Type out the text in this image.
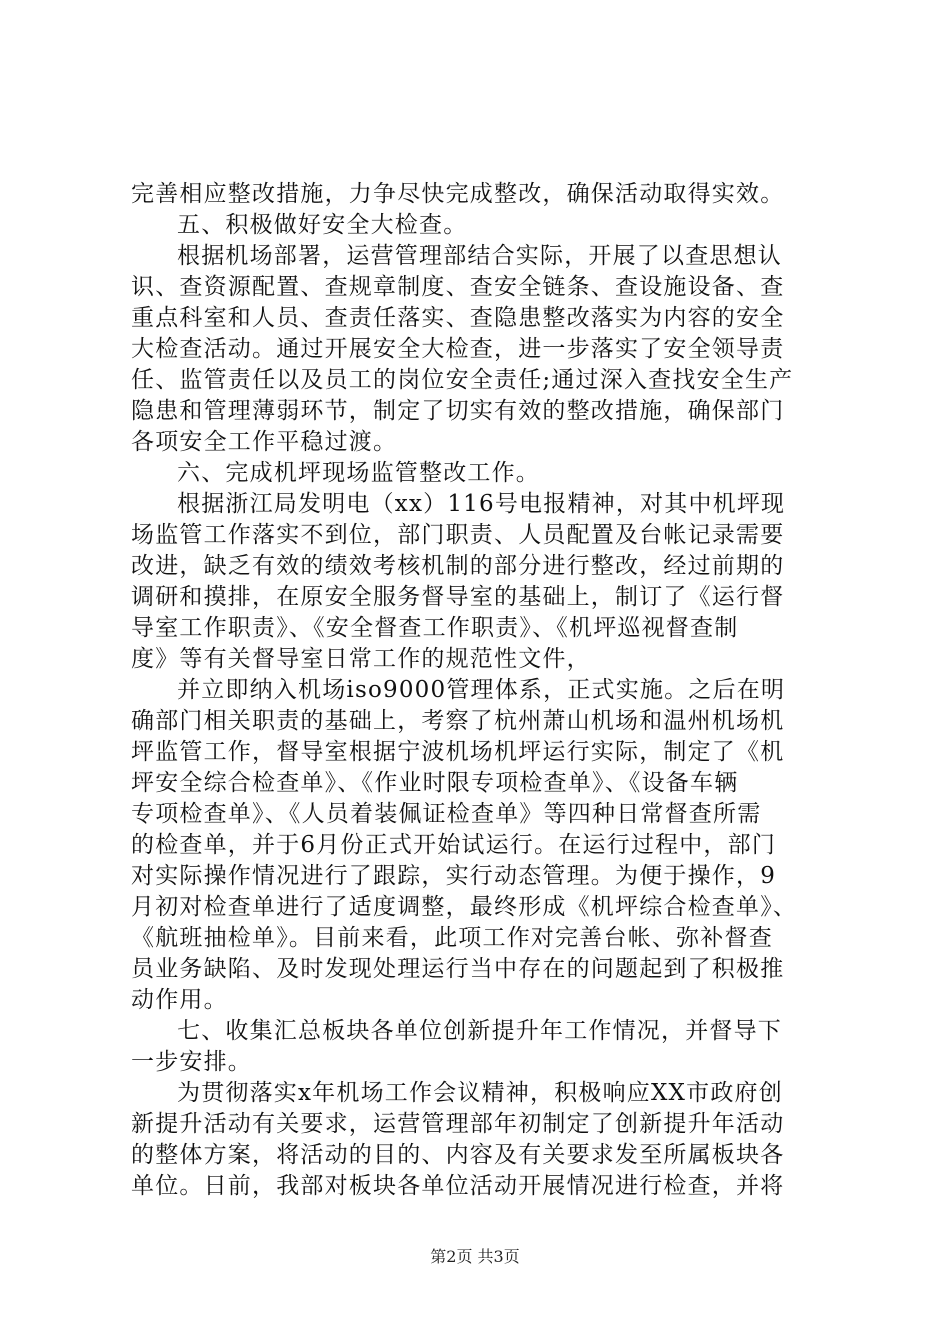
完善相应整改措施，力争尽快完成整改，确保活动取得实效。
五、积极做好安全大检查。
根据机场部署，运营管理部结合实际，开展了以查思想认
识、查资源配置、查规章制度、查安全链条、查设施设备、查
重点科室和人员、查责任落实、查隐患整改落实为内容的安全
大检查活动。通过开展安全大检查，进一步落实了安全领导责
任、监管责任以及员工的岗位安全责任;通过深入查找安全生产
隐患和管理薄弱环节，制定了切实有效的整改措施，确保部门
各项安全工作平稳过渡。
六、完成机坪现场监管整改工作。
根据浙江局发明电（xx）116号电报精神，对其中机坪现
场监管工作落实不到位，部门职责、人员配置及台帐记录需要
改进，缺乏有效的绩效考核机制的部分进行整改，经过前期的
调研和摸排，在原安全服务督导室的基础上，制订了《运行督
导室工作职责》、《安全督查工作职责》、《机坪巡视督查制
度》等有关督导室日常工作的规范性文件，
并立即纳入机场iso9000管理体系，正式实施。之后在明
确部门相关职责的基础上，考察了杭州萧山机场和温州机场机
坪监管工作，督导室根据宁波机场机坪运行实际，制定了《机
坪安全综合检查单》、《作业时限专项检查单》、《设备车辆
专项检查单》、《人员着装佩证检查单》等四种日常督查所需
的检查单，并于6月份正式开始试运行。在运行过程中，部门
对实际操作情况进行了跟踪，实行动态管理。为便于操作，9
月初对检查单进行了适度调整，最终形成《机坪综合检查单》、
《航班抽检单》。目前来看，此项工作对完善台帐、弥补督查
员业务缺陷、及时发现处理运行当中存在的问题起到了积极推
动作用。
七、收集汇总板块各单位创新提升年工作情况，并督导下
一步安排。
为贯彻落实x年机场工作会议精神，积极响应XX市政府创
新提升活动有关要求，运营管理部年初制定了创新提升年活动
的整体方案，将活动的目的、内容及有关要求发至所属板块各
单位。日前，我部对板块各单位活动开展情况进行检查，并将
第2页 共3页
